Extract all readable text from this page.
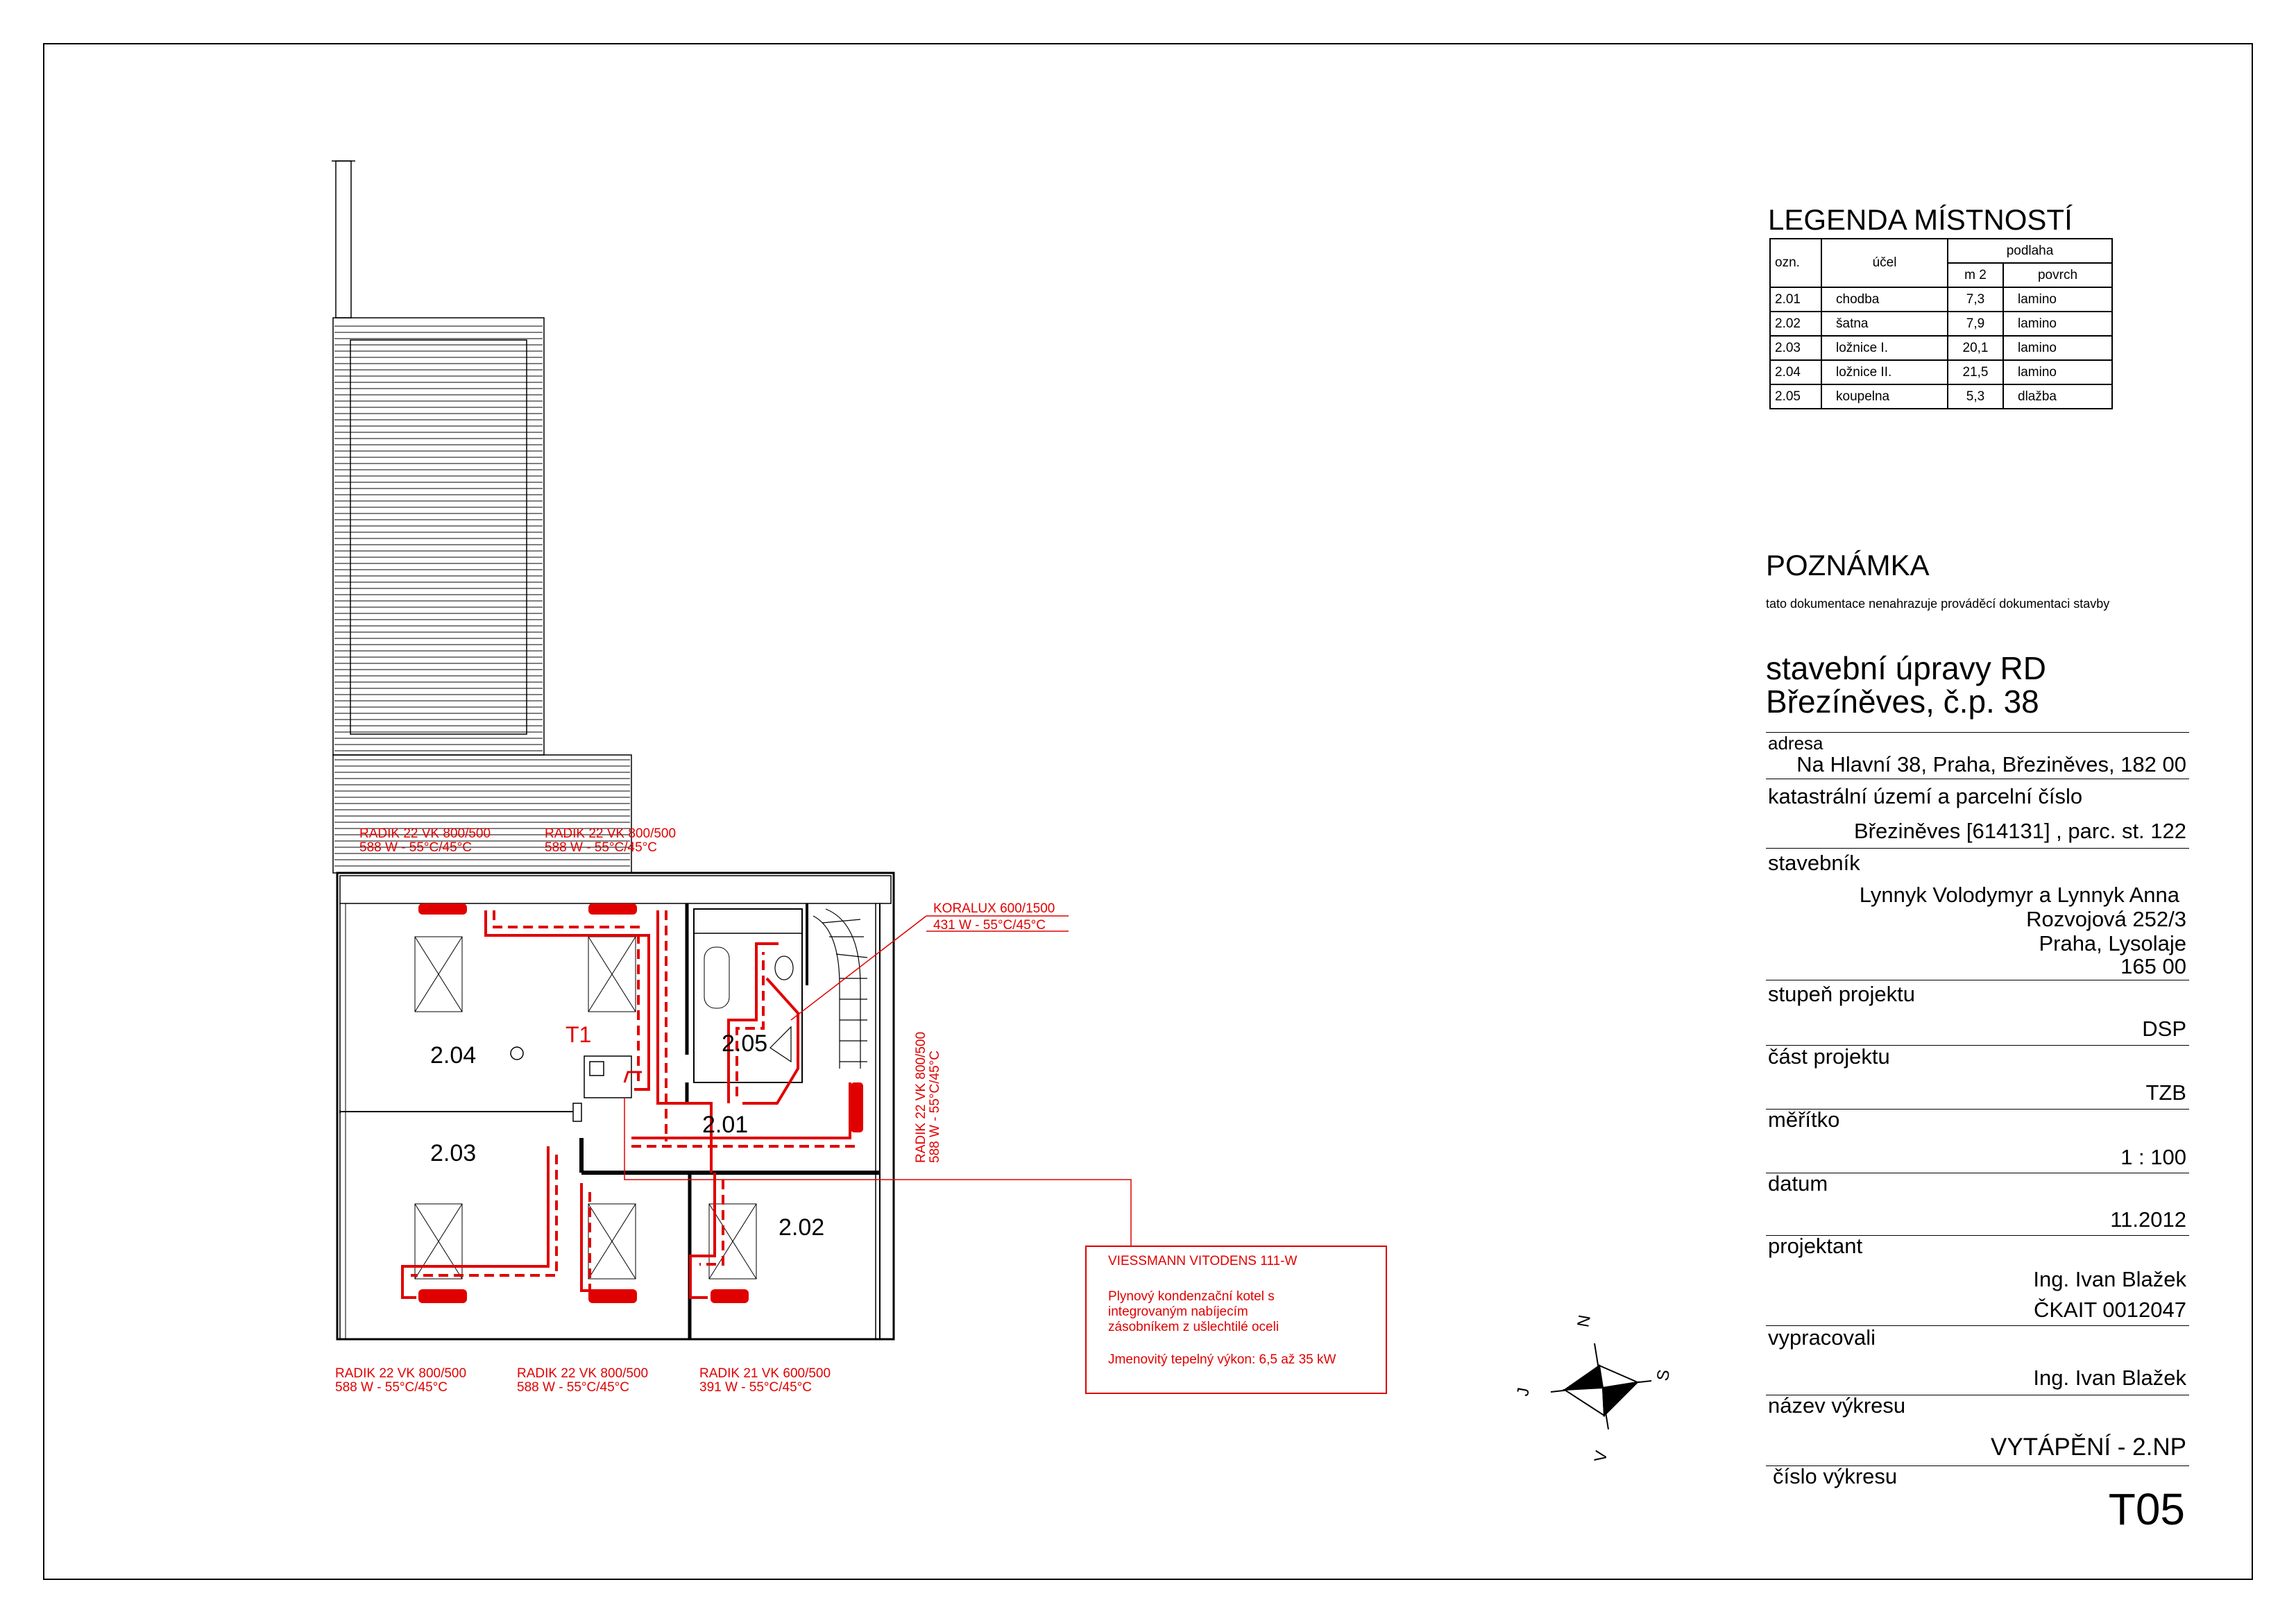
2.04
2.03
2.05
2.01
2.02
T1
RADIK 22 VK 800/500
588 W - 55°C/45°C
RADIK 22 VK 800/500
588 W - 55°C/45°C
KORALUX 600/1500
431 W - 55°C/45°C
RADIK 22 VK 800/500 588 W - 55°C/45°C
RADIK 22 VK 800/500
588 W - 55°C/45°C
RADIK 22 VK 800/500
588 W - 55°C/45°C
RADIK 21 VK 600/500
391 W - 55°C/45°C
VIESSMANN VITODENS 111-W
Plynový kondenzační kotel s
integrovaným nabíjecím
zásobníkem z ušlechtilé oceli
Jmenovitý tepelný výkon: 6,5 až 35 kW
N
S
J
V
LEGENDA MÍSTNOSTÍ
ozn.	účel	podlaha	
		m 2	povrch
2.01	chodba	7,3	lamino
2.02	šatna	7,9	lamino
2.03	ložnice I.	20,1	lamino
2.04	ložnice II.	21,5	lamino
2.05	koupelna	5,3	dlažba
POZNÁMKA
tato dokumentace nenahrazuje prováděcí dokumentaci stavby
stavební úpravy RD
Březíněves, č.p. 38
adresa
Na Hlavní 38, Praha, Březiněves, 182 00
katastrální území a parcelní číslo
Březiněves [614131] , parc. st. 122
stavebník
Lynnyk Volodymyr a Lynnyk Anna
Rozvojová 252/3
Praha, Lysolaje
165 00
stupeň projektu
DSP
část projektu
TZB
měřítko
1 : 100
datum
11.2012
projektant
Ing. Ivan Blažek
ČKAIT 0012047
vypracovali
Ing. Ivan Blažek
název výkresu
VYTÁPĚNÍ - 2.NP
číslo výkresu
T05
